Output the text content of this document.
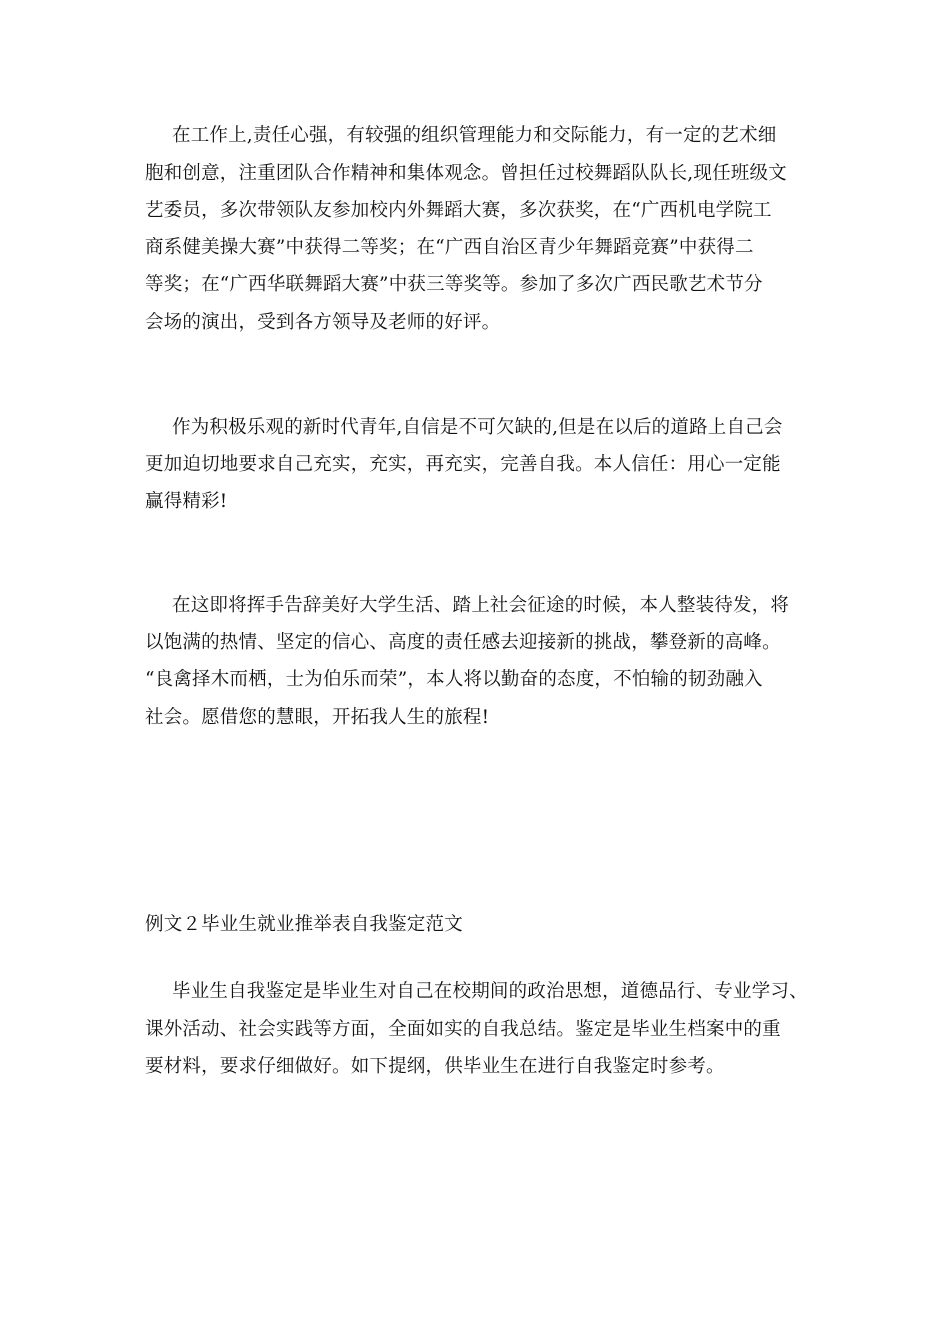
在工作上,责任心强，有较强的组织管理能力和交际能力，有一定的艺术细
胞和创意，注重团队合作精神和集体观念。曾担任过校舞蹈队队长,现任班级文
艺委员，多次带领队友参加校内外舞蹈大赛，多次获奖，在“广西机电学院工
商系健美操大赛”中获得二等奖；在“广西自治区青少年舞蹈竞赛”中获得二
等奖；在“广西华联舞蹈大赛”中获三等奖等。参加了多次广西民歌艺术节分
会场的演出，受到各方领导及老师的好评。
作为积极乐观的新时代青年,自信是不可欠缺的,但是在以后的道路上自己会
更加迫切地要求自己充实，充实，再充实，完善自我。本人信任：用心一定能
赢得精彩!
在这即将挥手告辞美好大学生活、踏上社会征途的时候，本人整装待发，将
以饱满的热情、坚定的信心、高度的责任感去迎接新的挑战，攀登新的高峰。
“良禽择木而栖，士为伯乐而荣”，本人将以勤奋的态度，不怕输的韧劲融入
社会。愿借您的慧眼，开拓我人生的旅程!
例文２毕业生就业推举表自我鉴定范文
毕业生自我鉴定是毕业生对自己在校期间的政治思想，道德品行、专业学习、
课外活动、社会实践等方面，全面如实的自我总结。鉴定是毕业生档案中的重
要材料，要求仔细做好。如下提纲，供毕业生在进行自我鉴定时参考。
